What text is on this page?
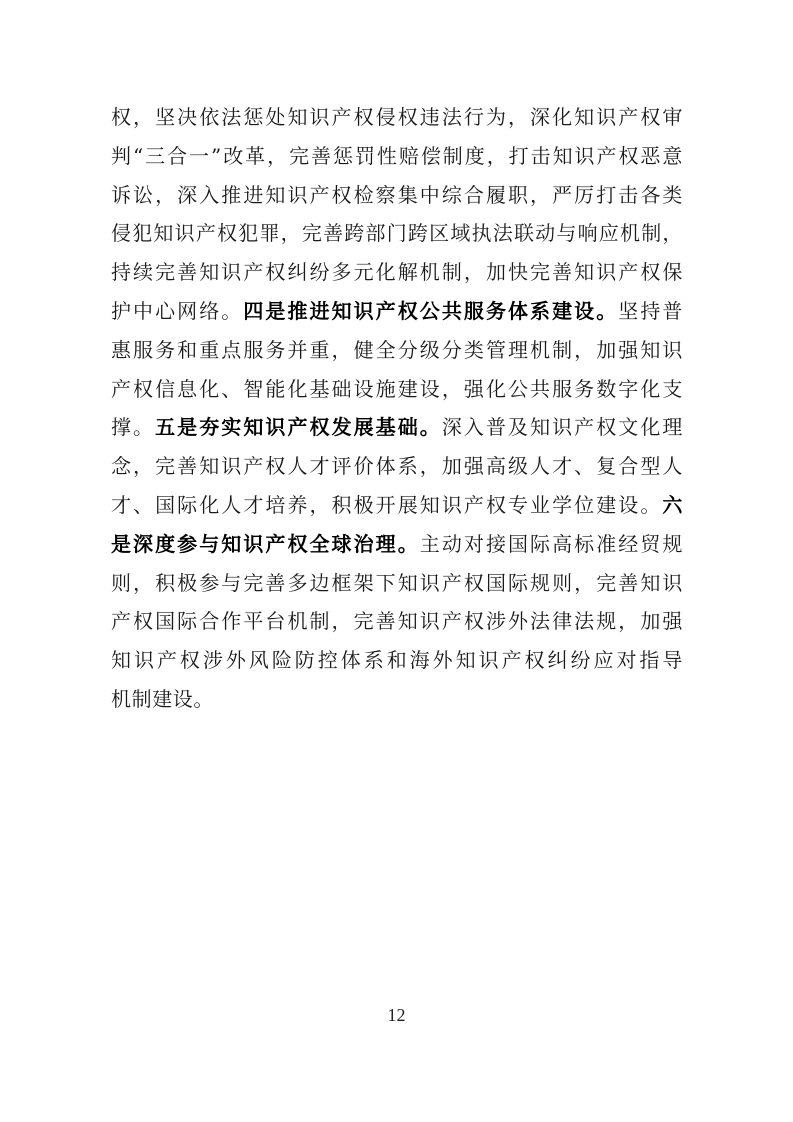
权，坚决依法惩处知识产权侵权违法行为，深化知识产权审
判“三合一”改革，完善惩罚性赔偿制度，打击知识产权恶意
诉讼，深入推进知识产权检察集中综合履职，严厉打击各类
侵犯知识产权犯罪，完善跨部门跨区域执法联动与响应机制，
持续完善知识产权纠纷多元化解机制，加快完善知识产权保
护中心网络。四是推进知识产权公共服务体系建设。坚持普
惠服务和重点服务并重，健全分级分类管理机制，加强知识
产权信息化、智能化基础设施建设，强化公共服务数字化支
撑。五是夯实知识产权发展基础。深入普及知识产权文化理
念，完善知识产权人才评价体系，加强高级人才、复合型人
才、国际化人才培养，积极开展知识产权专业学位建设。六
是深度参与知识产权全球治理。主动对接国际高标准经贸规
则，积极参与完善多边框架下知识产权国际规则，完善知识
产权国际合作平台机制，完善知识产权涉外法律法规，加强
知识产权涉外风险防控体系和海外知识产权纠纷应对指导
机制建设。
12
